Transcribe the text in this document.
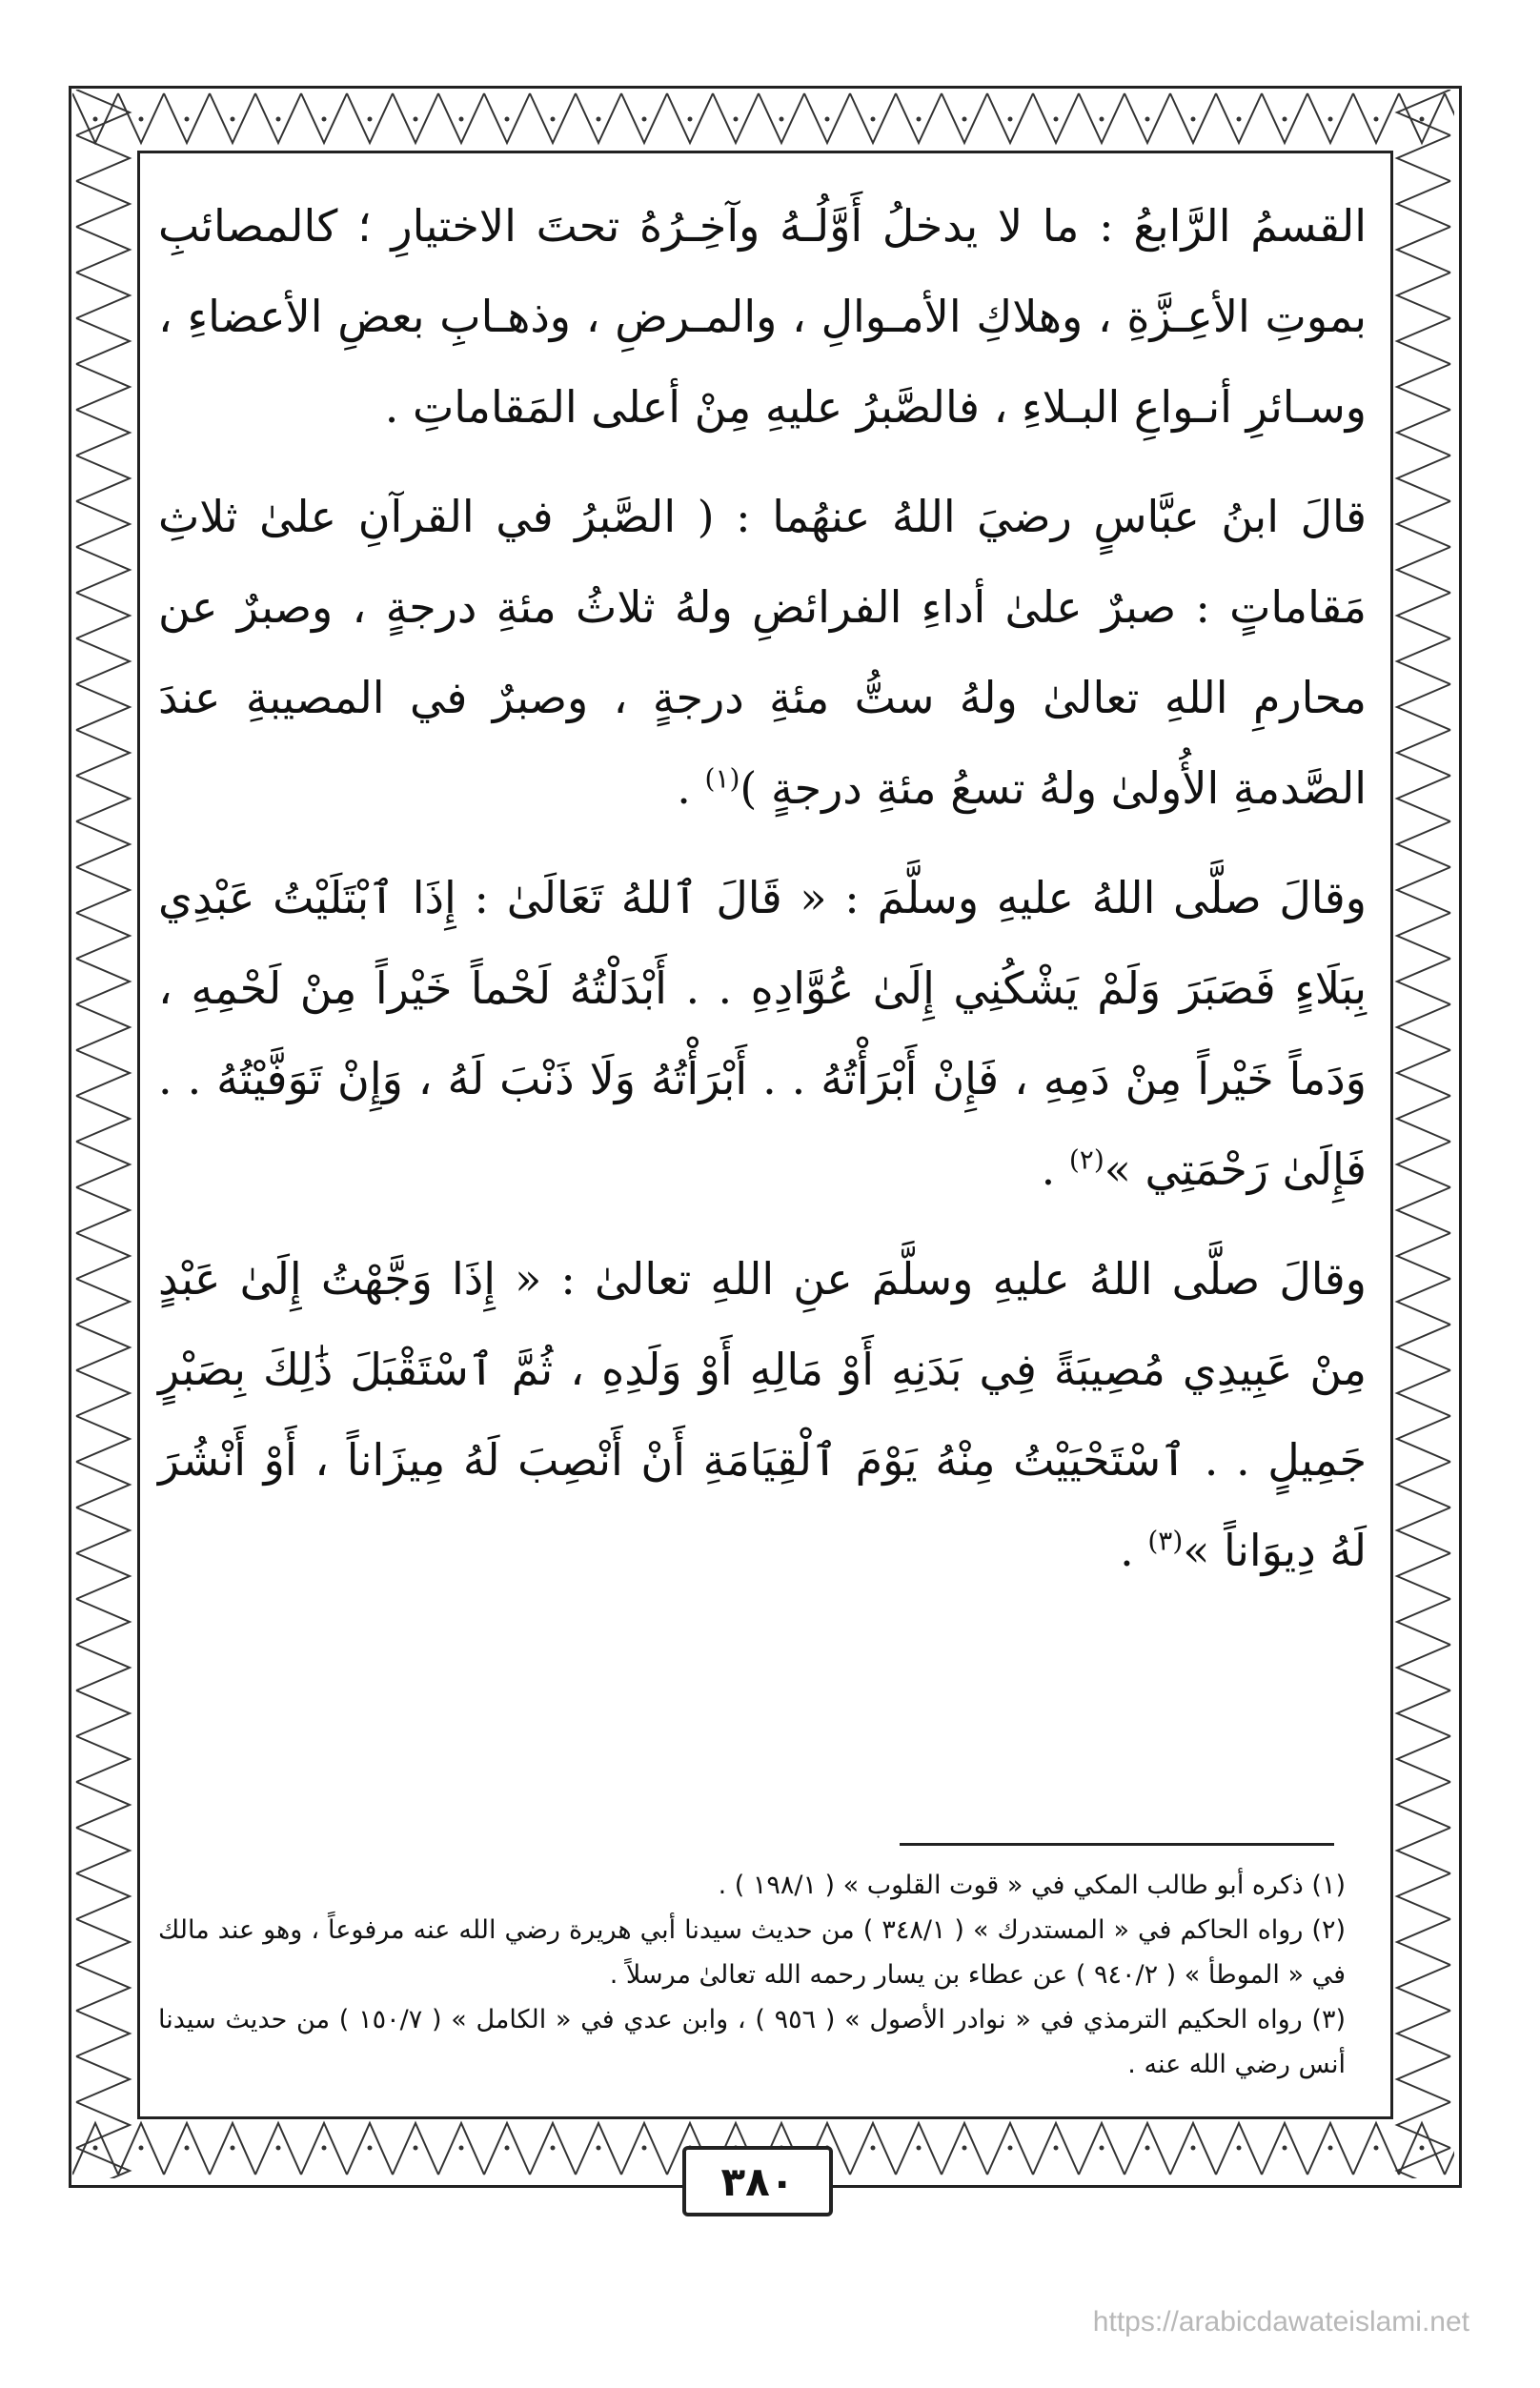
القسمُ الرَّابعُ : ما لا يدخلُ أَوَّلُـهُ وآخِـرُهُ تحتَ الاختيارِ ؛ كالمصائبِ بموتِ الأعِـزَّةِ ، وهلاكِ الأمـوالِ ، والمـرضِ ، وذهـابِ بعضِ الأعضاءِ ، وسـائرِ أنـواعِ البـلاءِ ، فالصَّبرُ عليهِ مِنْ أعلى المَقاماتِ .

قالَ ابنُ عبَّاسٍ رضيَ اللهُ عنهُما : ( الصَّبرُ في القرآنِ علىٰ ثلاثِ مَقاماتٍ : صبرٌ علىٰ أداءِ الفرائضِ ولهُ ثلاثُ مئةِ درجةٍ ، وصبرٌ عن محارمِ اللهِ تعالىٰ ولهُ ستُّ مئةِ درجةٍ ، وصبرٌ في المصيبةِ عندَ الصَّدمةِ الأُولىٰ ولهُ تسعُ مئةِ درجةٍ )$^{(١)}$ .

وقالَ صلَّى اللهُ عليهِ وسلَّمَ : « قَالَ ٱللهُ تَعَالَىٰ : إِذَا ٱبْتَلَيْتُ عَبْدِي بِبَلَاءٍ فَصَبَرَ وَلَمْ يَشْكُنِي إِلَىٰ عُوَّادِهِ . . أَبْدَلْتُهُ لَحْماً خَيْراً مِنْ لَحْمِهِ ، وَدَماً خَيْراً مِنْ دَمِهِ ، فَإِنْ أَبْرَأْتُهُ . . أَبْرَأْتُهُ وَلَا ذَنْبَ لَهُ ، وَإِنْ تَوَفَّيْتُهُ . . فَإِلَىٰ رَحْمَتِي »$^{(٢)}$ .

وقالَ صلَّى اللهُ عليهِ وسلَّمَ عنِ اللهِ تعالىٰ : « إِذَا وَجَّهْتُ إِلَىٰ عَبْدٍ مِنْ عَبِيدِي مُصِيبَةً فِي بَدَنِهِ أَوْ مَالِهِ أَوْ وَلَدِهِ ، ثُمَّ ٱسْتَقْبَلَ ذَٰلِكَ بِصَبْرٍ جَمِيلٍ . . ٱسْتَحْيَيْتُ مِنْهُ يَوْمَ ٱلْقِيَامَةِ أَنْ أَنْصِبَ لَهُ مِيزَاناً ، أَوْ أَنْشُرَ لَهُ دِيوَاناً »$^{(٣)}$ .

(١) ذكره أبو طالب المكي في « قوت القلوب » ( ١٩٨/١ ) .
(٢) رواه الحاكم في « المستدرك » ( ٣٤٨/١ ) من حديث سيدنا أبي هريرة رضي الله عنه مرفوعاً ، وهو عند مالك في « الموطأ » ( ٩٤٠/٢ ) عن عطاء بن يسار رحمه الله تعالىٰ مرسلاً .
(٣) رواه الحكيم الترمذي في « نوادر الأصول » ( ٩٥٦ ) ، وابن عدي في « الكامل » ( ١٥٠/٧ ) من حديث سيدنا أنس رضي الله عنه .
٣٨٠
https://arabicdawateislami.net
